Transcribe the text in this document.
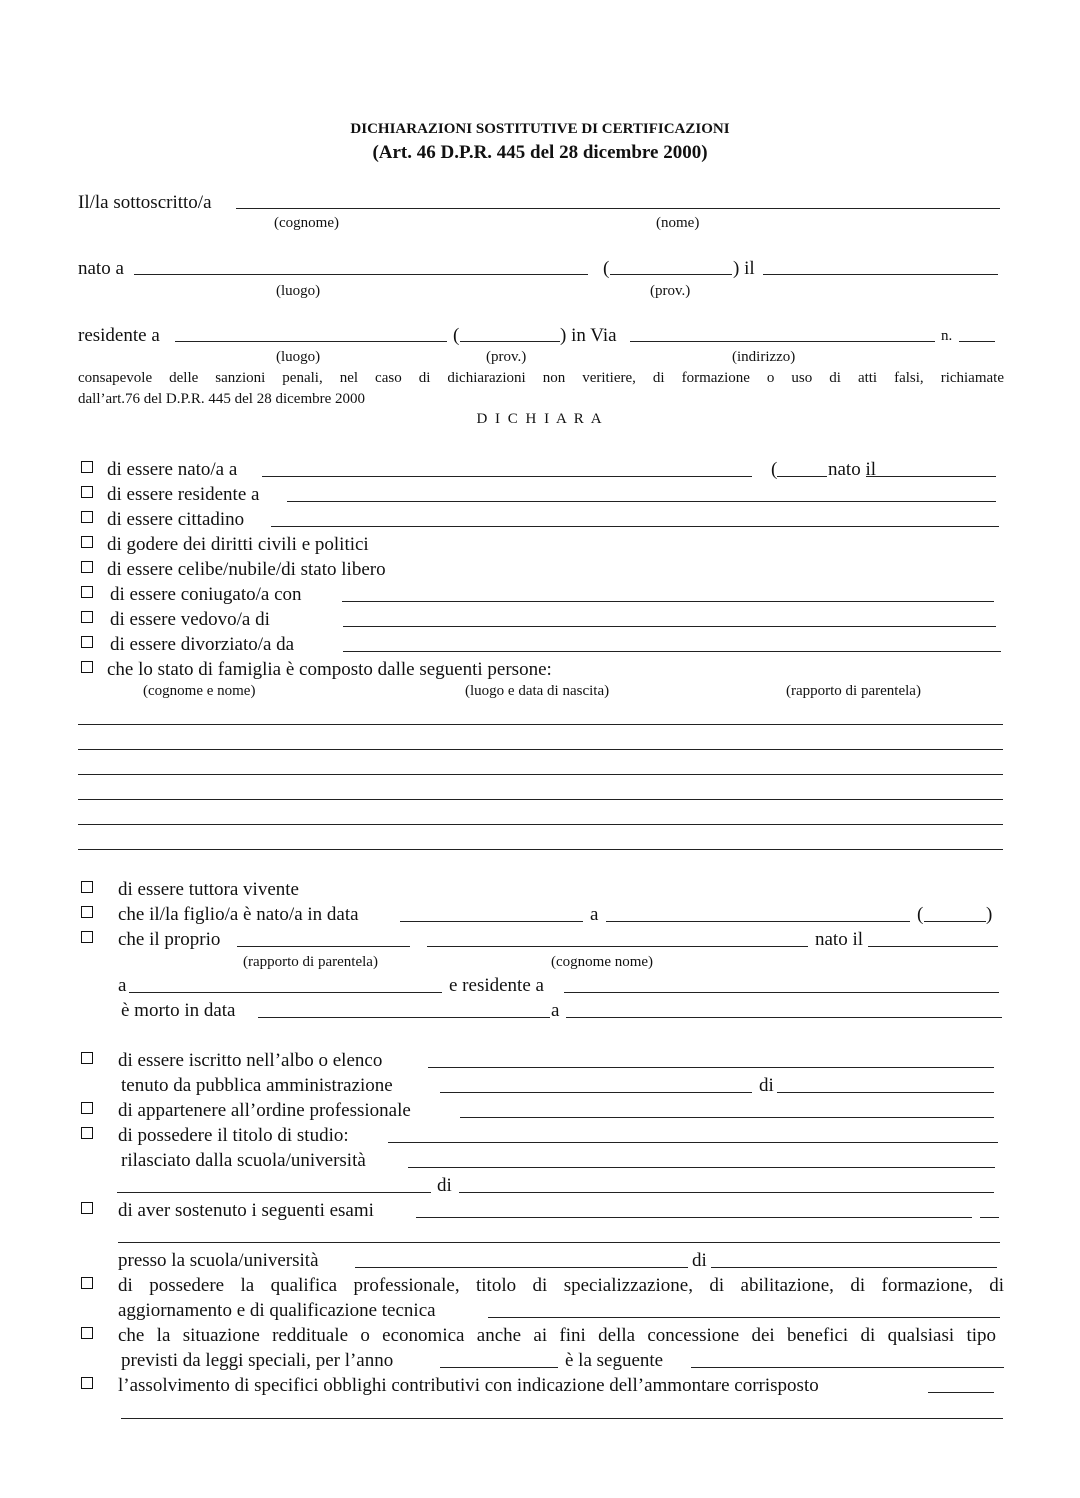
DICHIARAZIONI SOSTITUTIVE DI CERTIFICAZIONI
(Art. 46 D.P.R. 445 del 28 dicembre 2000)
Il/la sottoscritto/a
(cognome)	(nome)
nato a	(	) il
(luogo)	(prov.)
residente a	(	) in Via	n.
(luogo)	(prov.)	(indirizzo)
consapevole delle sanzioni penali, nel caso di dichiarazioni non veritiere, di formazione o uso di atti falsi, richiamate
dall’art.76 del D.P.R. 445 del 28 dicembre 2000
D I C H I A R A
di essere nato/a a	(	nato il
di essere residente a
di essere cittadino
di godere dei diritti civili e politici
di essere celibe/nubile/di stato libero
di essere coniugato/a con
di essere vedovo/a di
di essere divorziato/a da
che lo stato di famiglia è composto dalle seguenti persone:
(cognome e nome)	(luogo e data di nascita)	(rapporto di parentela)
di essere tuttora vivente
che il/la figlio/a è nato/a in data	a	(	)
che il proprio	nato il
(rapporto di parentela)	(cognome nome)
a	e residente a
è morto in data	a
di essere iscritto nell’albo o elenco
tenuto da pubblica amministrazione	di
di appartenere all’ordine professionale
di possedere il titolo di studio:
rilasciato dalla scuola/università
di
di aver sostenuto i seguenti esami
presso la scuola/università	di
di possedere la qualifica professionale, titolo di specializzazione, di abilitazione, di formazione, di
aggiornamento e di qualificazione tecnica
che la situazione reddituale o economica anche ai fini della concessione dei benefici di qualsiasi tipo
previsti da leggi speciali, per l’anno	è la seguente
l’assolvimento di specifici obblighi contributivi con indicazione dell’ammontare corrisposto
